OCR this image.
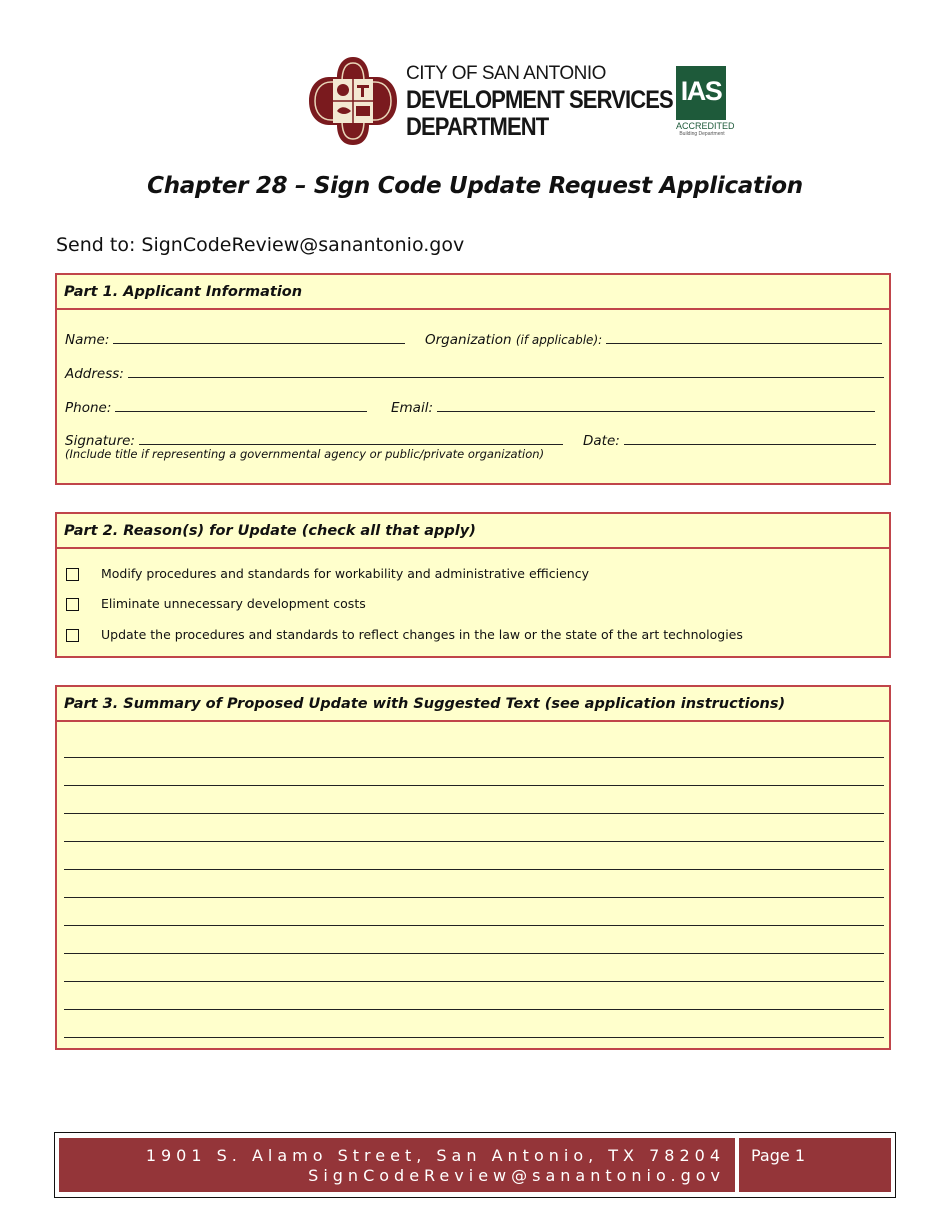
CITY OF SAN ANTONIO
DEVELOPMENT SERVICES
DEPARTMENT
IAS
ACCREDITED
Building Department
Chapter 28 – Sign Code Update Request Application
Send to: SignCodeReview@sanantonio.gov
Part 1. Applicant Information
Name:	Organization (if applicable):
Address:
Phone:	Email:
Signature:	Date:
(Include title if representing a governmental agency or public/private organization)
Part 2. Reason(s) for Update (check all that apply)
Modify procedures and standards for workability and administrative efficiency
Eliminate unnecessary development costs
Update the procedures and standards to reflect changes in the law or the state of the art technologies
Part 3. Summary of Proposed Update with Suggested Text (see application instructions)
1901 S. Alamo Street, San Antonio, TX 78204
SignCodeReview@sanantonio.gov
Page 1
